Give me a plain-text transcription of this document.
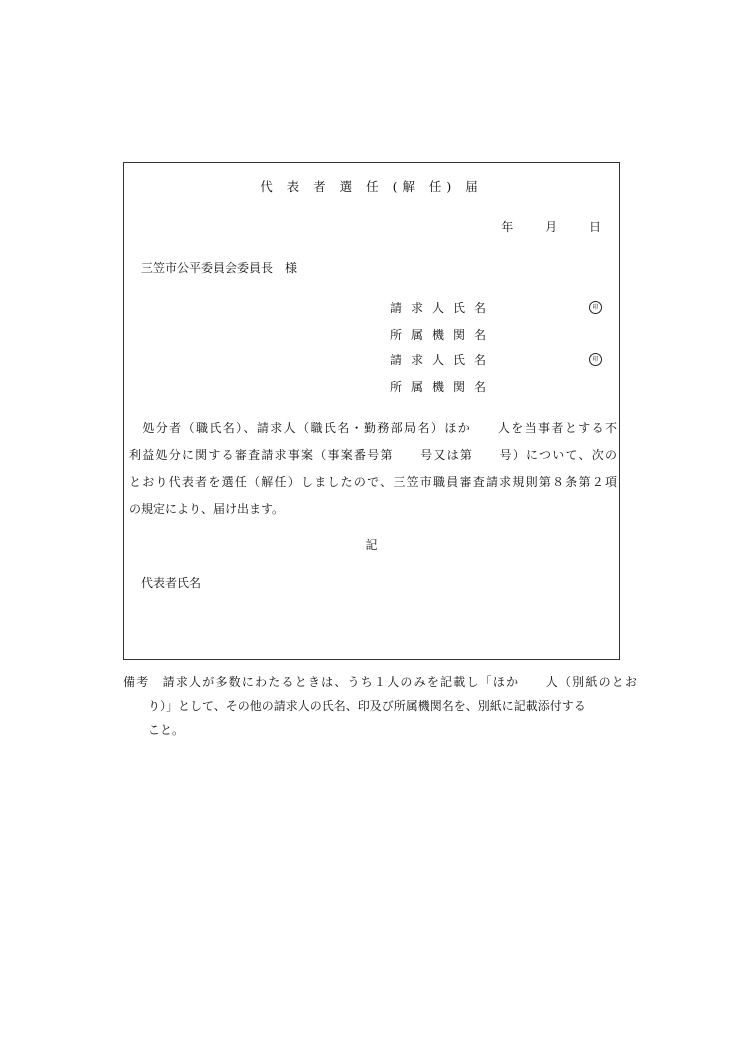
代 表 者 選 任 (解 任) 届
年	月	日
三笠市公平委員会委員長　様
請求人氏名	印
所属機関名
請求人氏名	印
所属機関名
　処分者（職氏名）、請求人（職氏名・勤務部局名）ほか　　人を当事者とする不
利益処分に関する審査請求事案（事案番号第　　号又は第　　号）について、次の
とおり代表者を選任（解任）しましたので、三笠市職員審査請求規則第８条第２項
の規定により、届け出ます。
記
代表者氏名
備考　請求人が多数にわたるときは、うち１人のみを記載し「ほか　　人（別紙のとお
り）」として、その他の請求人の氏名、印及び所属機関名を、別紙に記載添付する
こと。
